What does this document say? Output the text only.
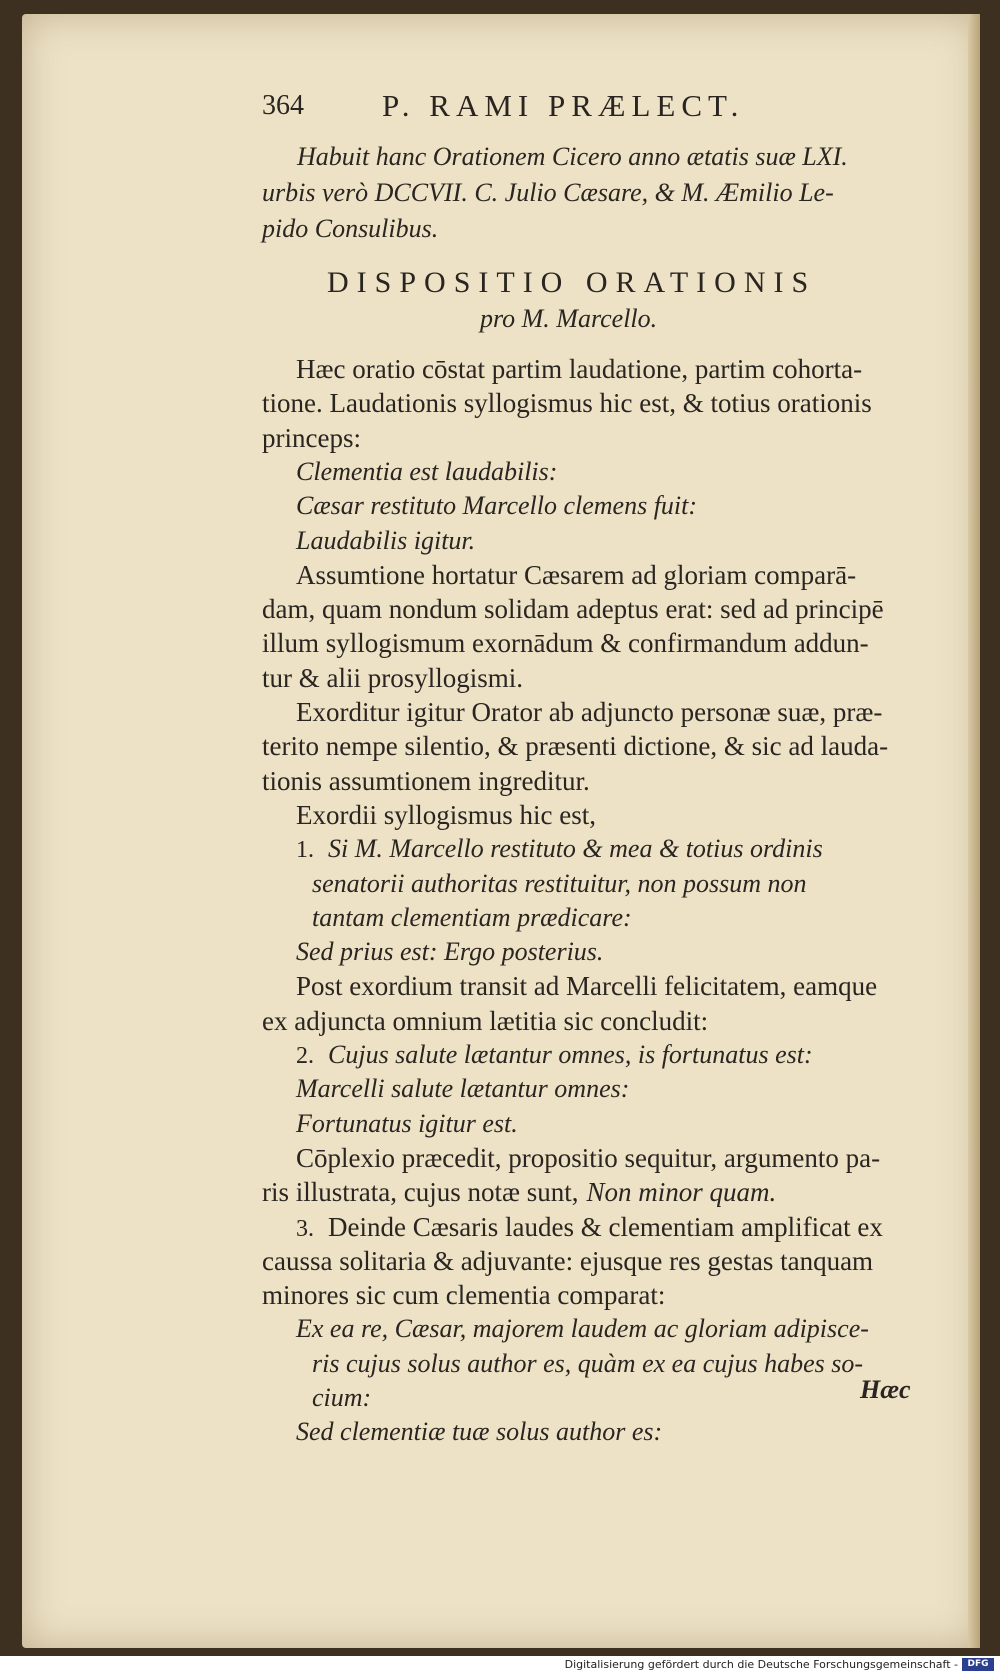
364	P. RAMI PRÆLECT.
Habuit hanc Orationem Cicero anno ætatis suæ LXI.
urbis verò DCCVII. C. Julio Cæsare, & M. Æmilio Le-
pido Consulibus.
DISPOSITIO ORATIONIS
pro M. Marcello.
Hæc oratio cōstat partim laudatione, partim cohorta-
tione. Laudationis syllogismus hic est, & totius orationis
princeps:
Clementia est laudabilis:
Cæsar restituto Marcello clemens fuit:
Laudabilis igitur.
Assumtione hortatur Cæsarem ad gloriam comparā-
dam, quam nondum solidam adeptus erat: sed ad principē
illum syllogismum exornādum & confirmandum addun-
tur & alii prosyllogismi.
Exorditur igitur Orator ab adjuncto personæ suæ, præ-
terito nempe silentio, & præsenti dictione, & sic ad lauda-
tionis assumtionem ingreditur.
Exordii syllogismus hic est,
1. Si M. Marcello restituto & mea & totius ordinis
senatorii authoritas restituitur, non possum non
tantam clementiam prædicare:
Sed prius est: Ergo posterius.
Post exordium transit ad Marcelli felicitatem, eamque
ex adjuncta omnium lætitia sic concludit:
2. Cujus salute lætantur omnes, is fortunatus est:
Marcelli salute lætantur omnes:
Fortunatus igitur est.
Cōplexio præcedit, propositio sequitur, argumento pa-
ris illustrata, cujus notæ sunt, Non minor quam.
3. Deinde Cæsaris laudes & clementiam amplificat ex
caussa solitaria & adjuvante: ejusque res gestas tanquam
minores sic cum clementia comparat:
Ex ea re, Cæsar, majorem laudem ac gloriam adipisce-
ris cujus solus author es, quàm ex ea cujus habes so-
cium:
Sed clementiæ tuæ solus author es:
Hæc
Digitalisierung gefördert durch die Deutsche Forschungsgemeinschaft -	DFG
